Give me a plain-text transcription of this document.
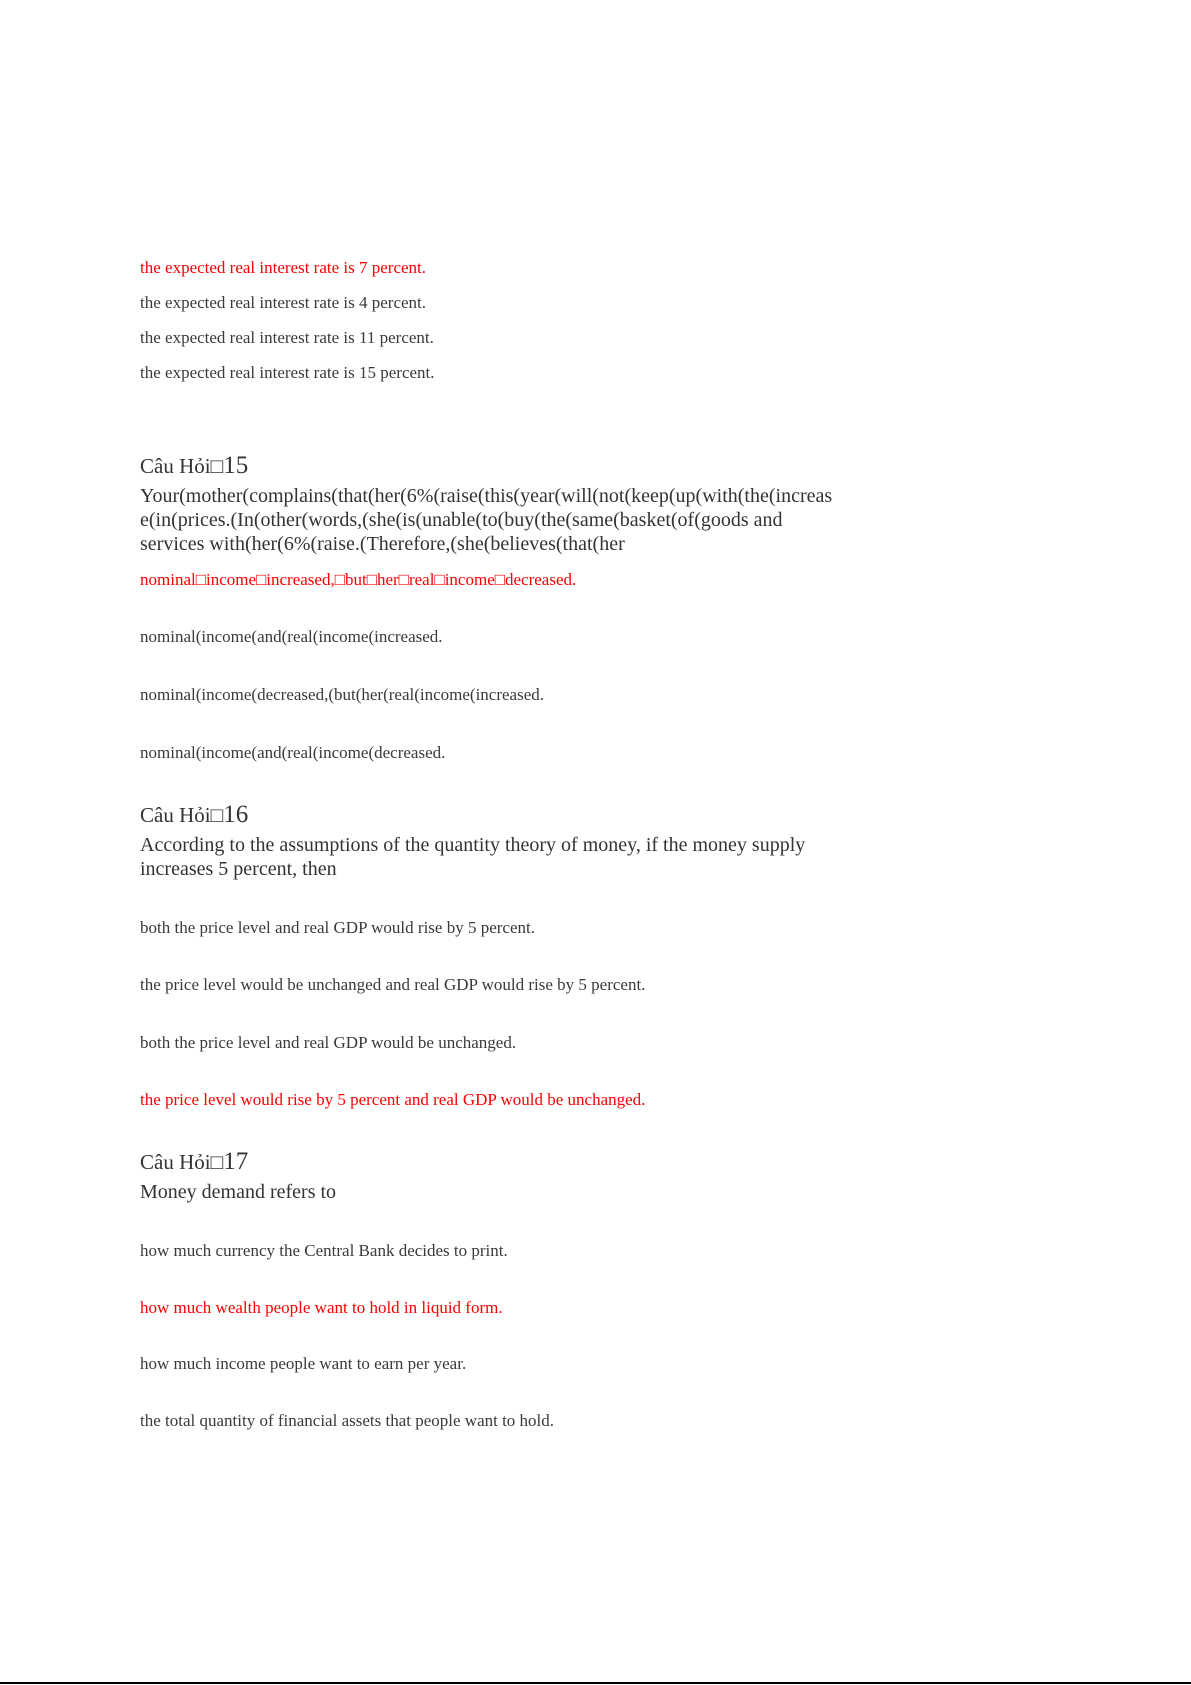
the expected real interest rate is 7 percent.
the expected real interest rate is 4 percent.
the expected real interest rate is 11 percent.
the expected real interest rate is 15 percent.
Câu Hỏi□15
Your(mother(complains(that(her(6%(raise(this(year(will(not(keep(up(with(the(increas
e(in(prices.(In(other(words,(she(is(unable(to(buy(the(same(basket(of(goods and
services with(her(6%(raise.(Therefore,(she(believes(that(her
nominal□income□increased,□but□her□real□income□decreased.
nominal(income(and(real(income(increased.
nominal(income(decreased,(but(her(real(income(increased.
nominal(income(and(real(income(decreased.
Câu Hỏi□16
According to the assumptions of the quantity theory of money, if the money supply
increases 5 percent, then
both the price level and real GDP would rise by 5 percent.
the price level would be unchanged and real GDP would rise by 5 percent.
both the price level and real GDP would be unchanged.
the price level would rise by 5 percent and real GDP would be unchanged.
Câu Hỏi□17
Money demand refers to
how much currency the Central Bank decides to print.
how much wealth people want to hold in liquid form.
how much income people want to earn per year.
the total quantity of financial assets that people want to hold.
